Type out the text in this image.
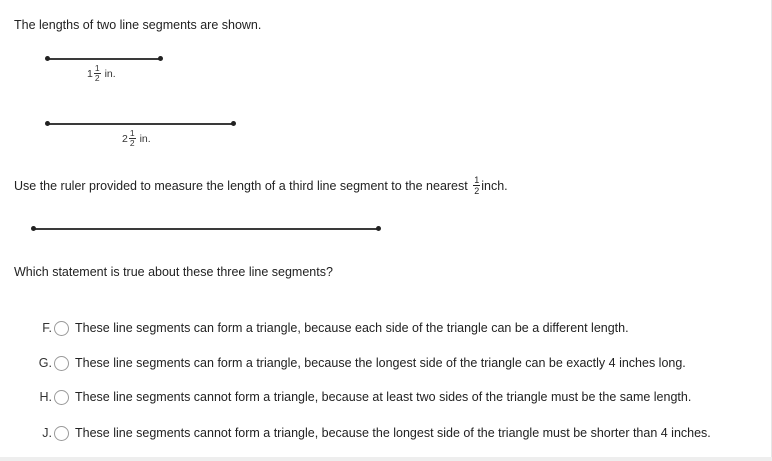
The lengths of two line segments are shown.
$1 \frac{1}{2}$ in.
$2 \frac{1}{2}$ in.
Use the ruler provided to measure the length of a third line segment to the nearest $\frac{1}{2}$ inch.
Which statement is true about these three line segments?
F. These line segments can form a triangle, because each side of the triangle can be a different length.
G. These line segments can form a triangle, because the longest side of the triangle can be exactly 4 inches long.
H. These line segments cannot form a triangle, because at least two sides of the triangle must be the same length.
J. These line segments cannot form a triangle, because the longest side of the triangle must be shorter than 4 inches.
